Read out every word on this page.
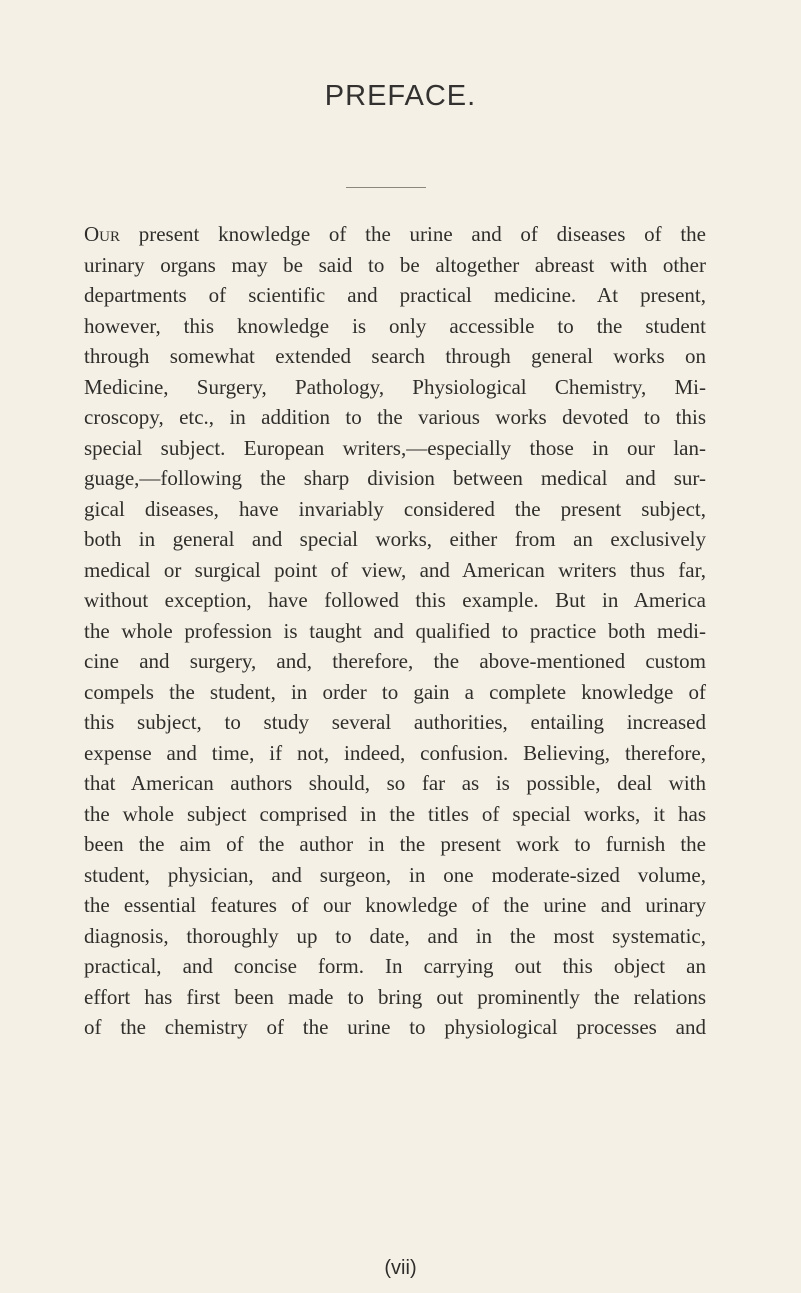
PREFACE.
Our present knowledge of the urine and of diseases of the
urinary organs may be said to be altogether abreast with other
departments of scientific and practical medicine. At present,
however, this knowledge is only accessible to the student
through somewhat extended search through general works on
Medicine, Surgery, Pathology, Physiological Chemistry, Mi-
croscopy, etc., in addition to the various works devoted to this
special subject. European writers,—especially those in our lan-
guage,—following the sharp division between medical and sur-
gical diseases, have invariably considered the present subject,
both in general and special works, either from an exclusively
medical or surgical point of view, and American writers thus far,
without exception, have followed this example. But in America
the whole profession is taught and qualified to practice both medi-
cine and surgery, and, therefore, the above-mentioned custom
compels the student, in order to gain a complete knowledge of
this subject, to study several authorities, entailing increased
expense and time, if not, indeed, confusion. Believing, therefore,
that American authors should, so far as is possible, deal with
the whole subject comprised in the titles of special works, it has
been the aim of the author in the present work to furnish the
student, physician, and surgeon, in one moderate-sized volume,
the essential features of our knowledge of the urine and urinary
diagnosis, thoroughly up to date, and in the most systematic,
practical, and concise form. In carrying out this object an
effort has first been made to bring out prominently the relations
of the chemistry of the urine to physiological processes and
(vii)
